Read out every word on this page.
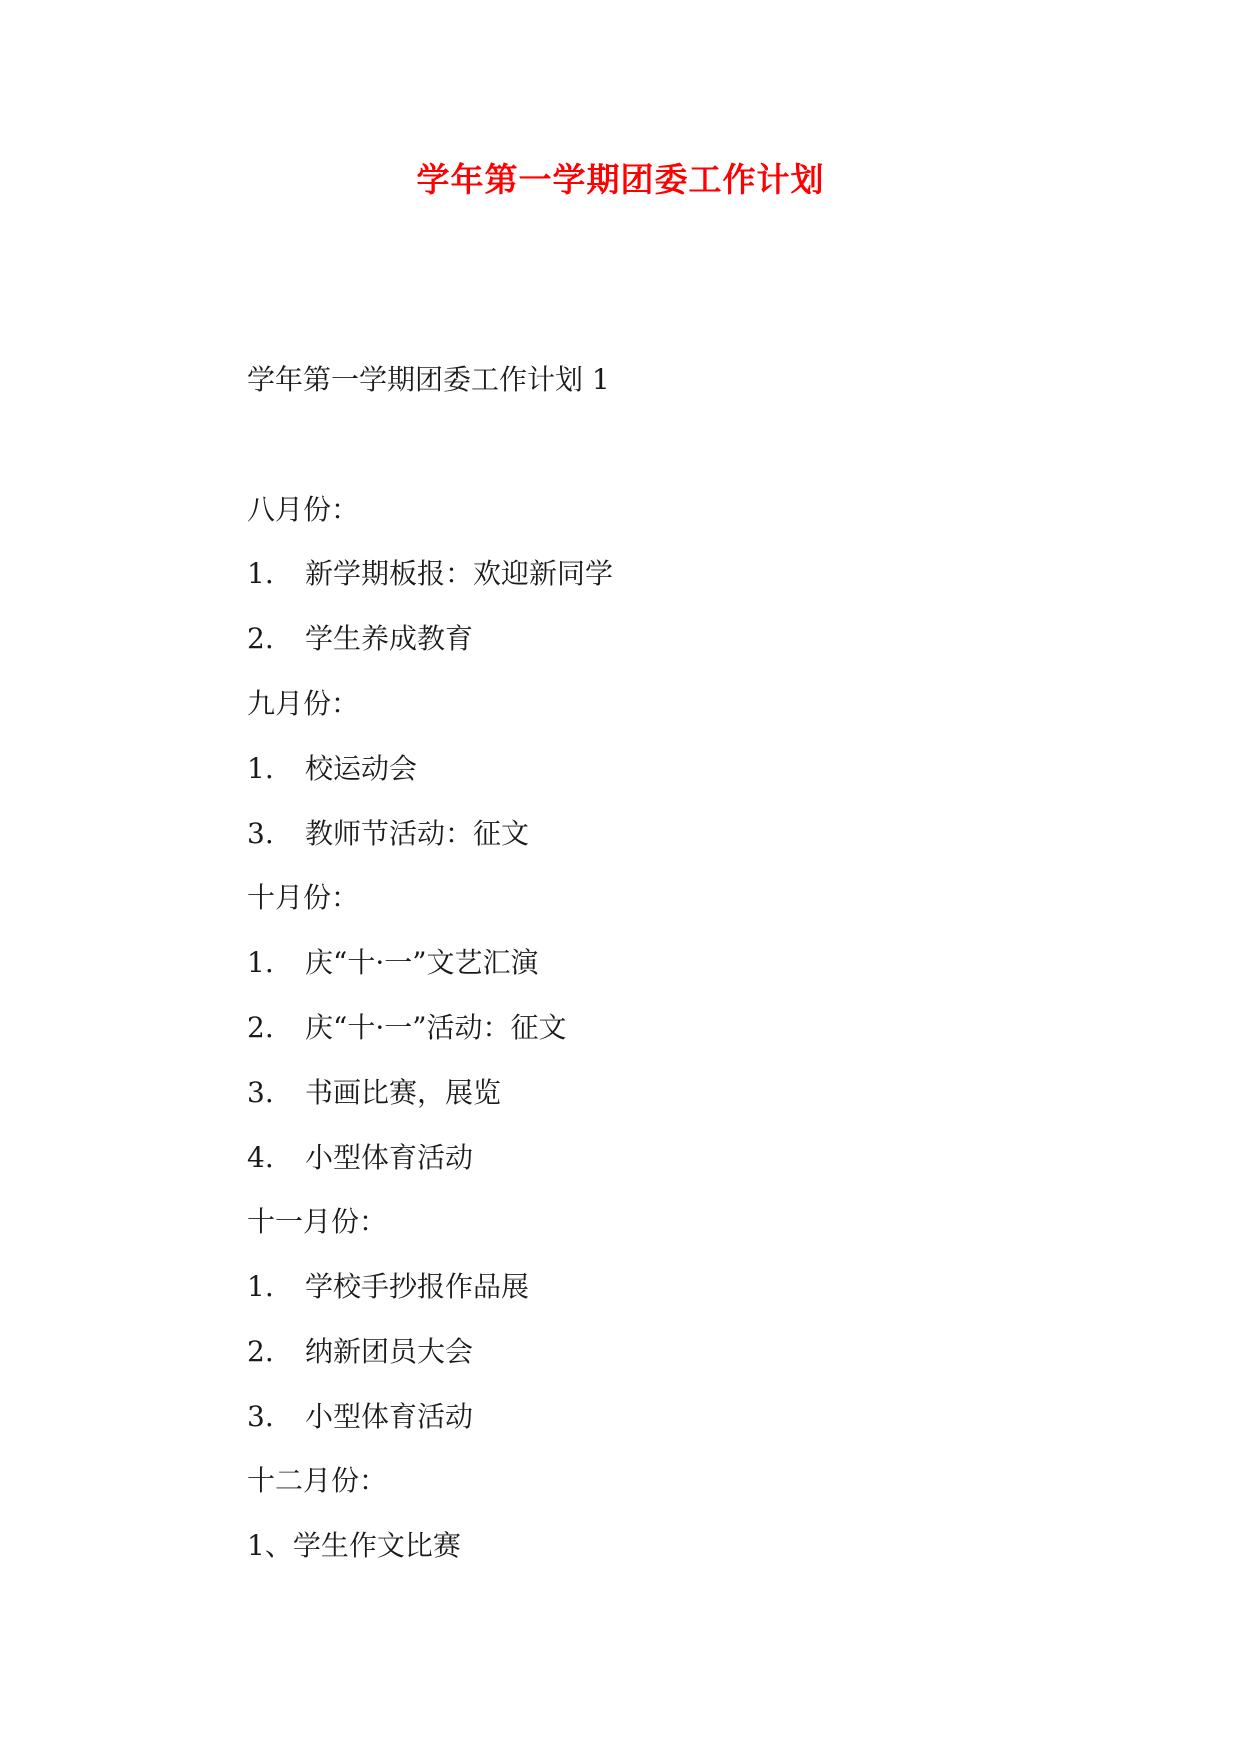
学年第一学期团委工作计划
学年第一学期团委工作计划 1
八月份：
1. 新学期板报：欢迎新同学
2. 学生养成教育
九月份：
1. 校运动会
3. 教师节活动：征文
十月份：
1. 庆“十·一”文艺汇演
2. 庆“十·一”活动：征文
3. 书画比赛，展览
4. 小型体育活动
十一月份：
1. 学校手抄报作品展
2. 纳新团员大会
3. 小型体育活动
十二月份：
1、学生作文比赛
